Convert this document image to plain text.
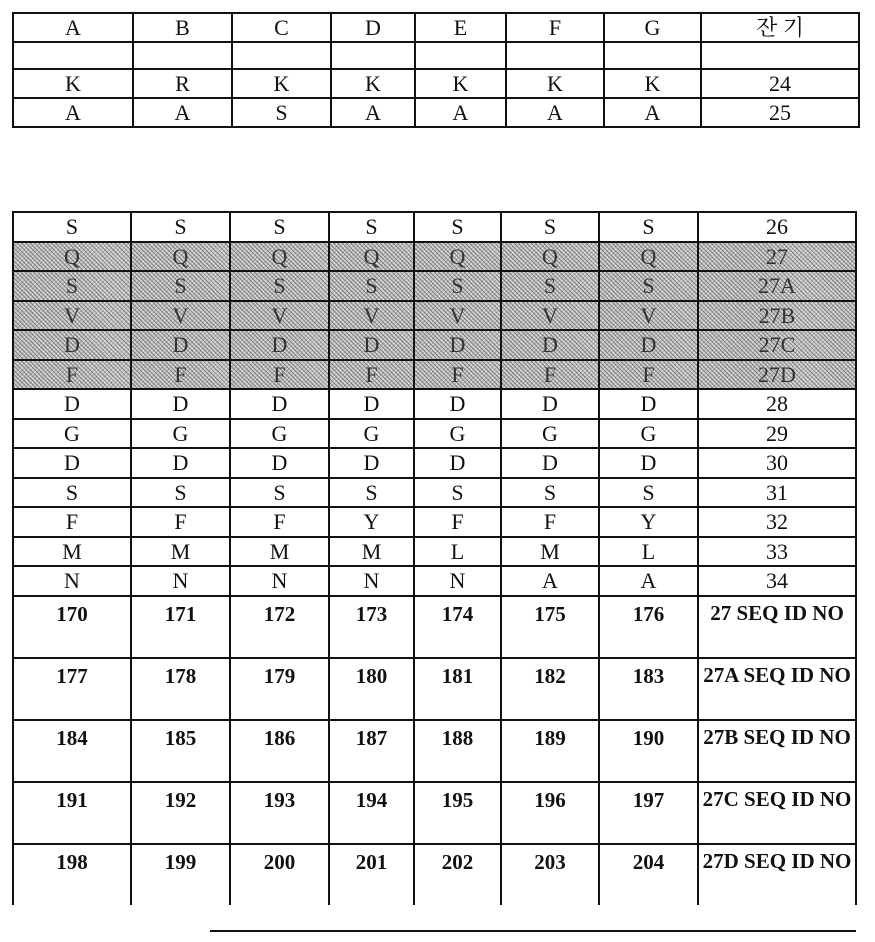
A	B	C	D	E	F	G	잔 기

K	R	K	K	K	K	K	24
A	A	S	A	A	A	A	25
S	S	S	S	S	S	S	26
Q	Q	Q	Q	Q	Q	Q	27
S	S	S	S	S	S	S	27A
V	V	V	V	V	V	V	27B
D	D	D	D	D	D	D	27C
F	F	F	F	F	F	F	27D
D	D	D	D	D	D	D	28
G	G	G	G	G	G	G	29
D	D	D	D	D	D	D	30
S	S	S	S	S	S	S	31
F	F	F	Y	F	F	Y	32
M	M	M	M	L	M	L	33
N	N	N	N	N	A	A	34
170	171	172	173	174	175	176	27 SEQ ID NO
177	178	179	180	181	182	183	27A SEQ ID NO
184	185	186	187	188	189	190	27B SEQ ID NO
191	192	193	194	195	196	197	27C SEQ ID NO
198	199	200	201	202	203	204	27D SEQ ID NO
